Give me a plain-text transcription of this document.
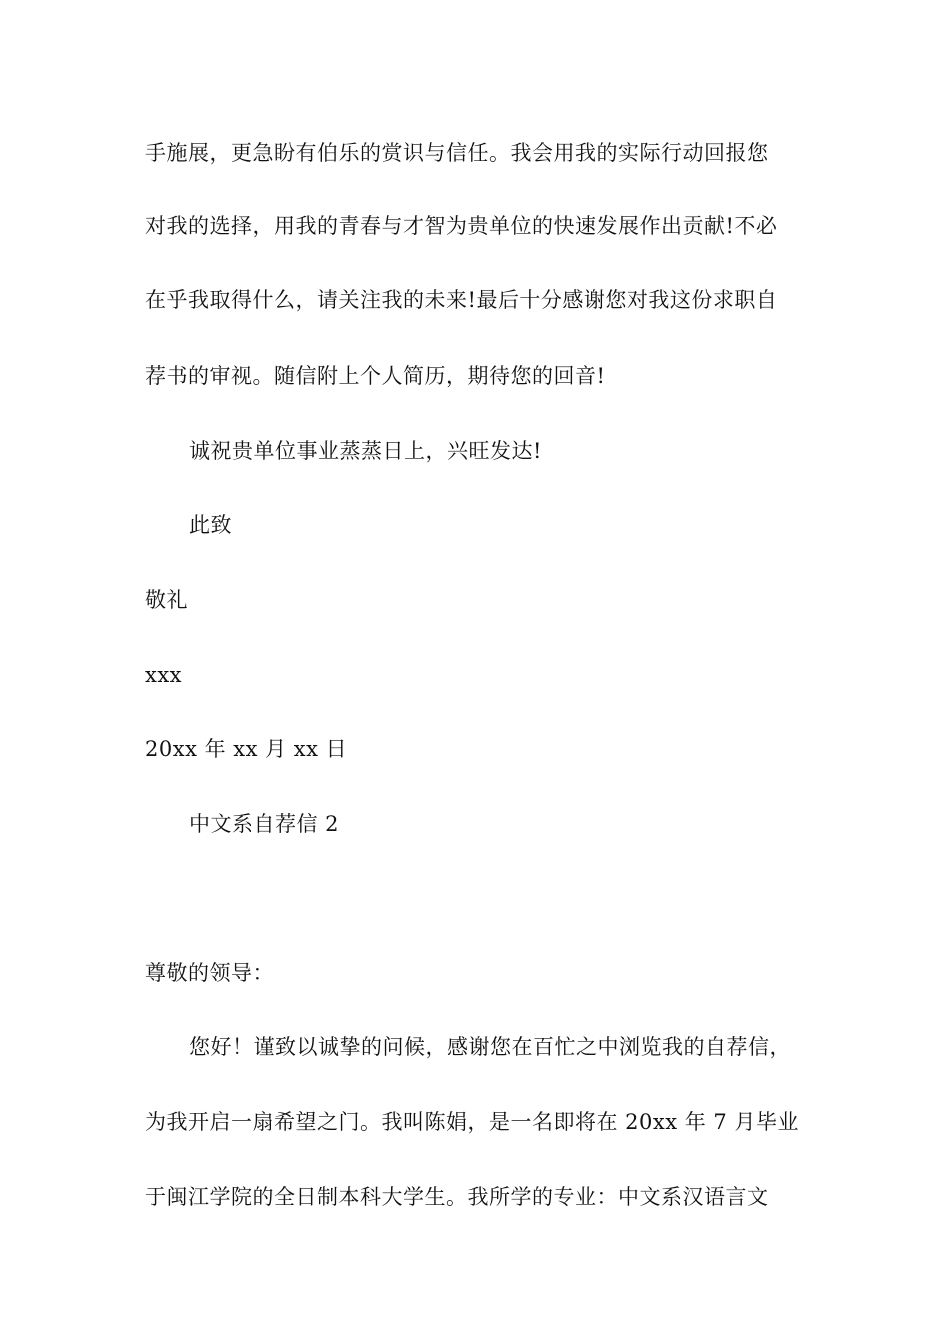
手施展，更急盼有伯乐的赏识与信任。我会用我的实际行动回报您
对我的选择，用我的青春与才智为贵单位的快速发展作出贡献!不必
在乎我取得什么，请关注我的未来!最后十分感谢您对我这份求职自
荐书的审视。随信附上个人简历，期待您的回音!
诚祝贵单位事业蒸蒸日上，兴旺发达!
此致
敬礼
xxx
20xx 年 xx 月 xx 日
中文系自荐信 2
尊敬的领导：
您好！谨致以诚挚的问候，感谢您在百忙之中浏览我的自荐信，
为我开启一扇希望之门。我叫陈娟，是一名即将在 20xx 年 7 月毕业
于闽江学院的全日制本科大学生。我所学的专业：中文系汉语言文
